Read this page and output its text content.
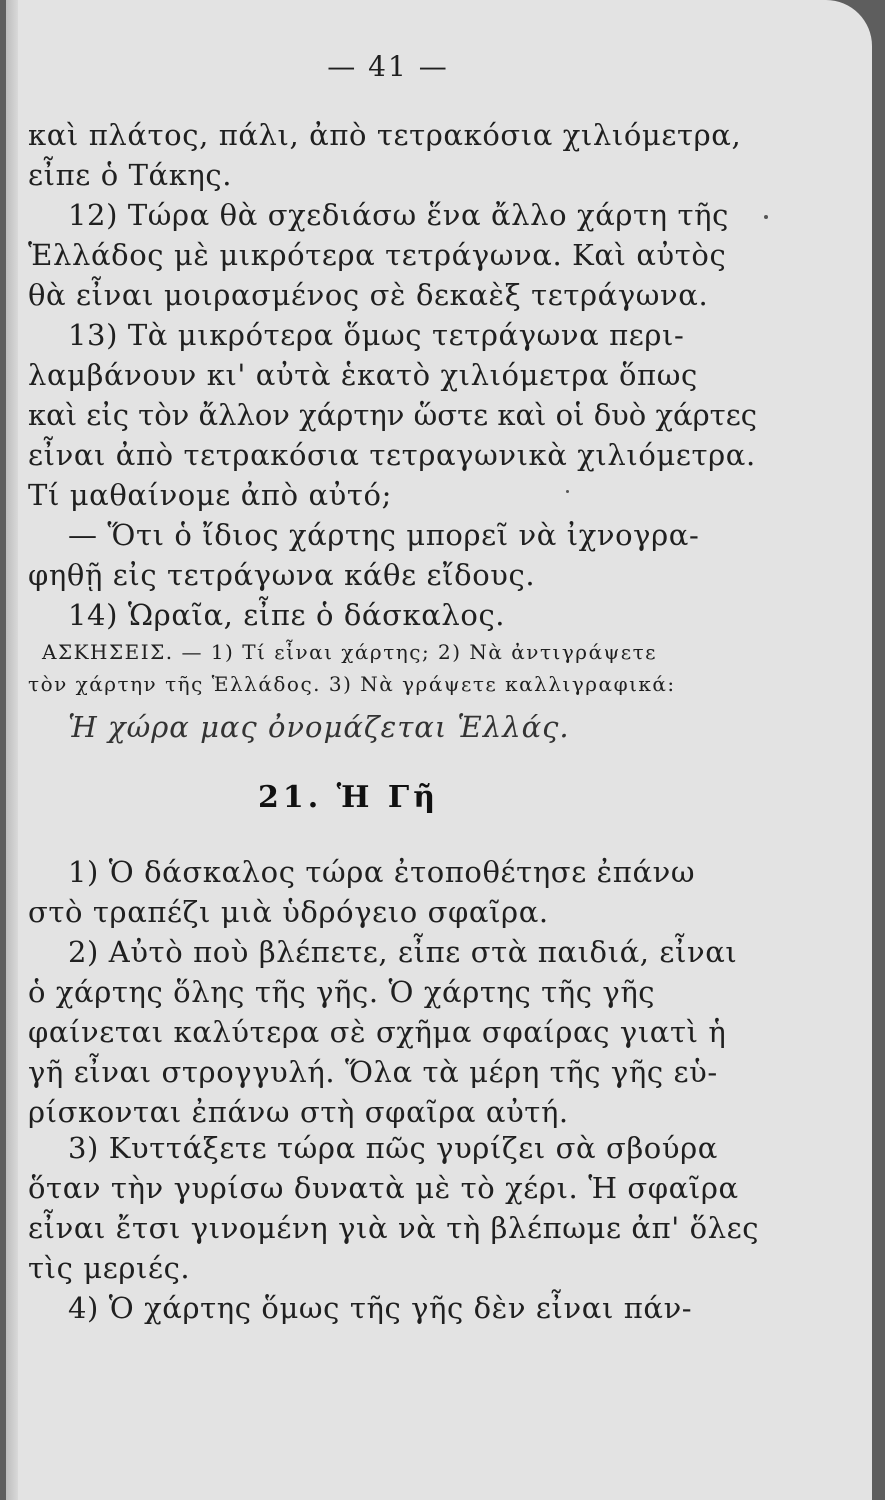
— 41 —
καὶ πλάτος, πάλι, ἀπὸ τετρακόσια χιλιόμετρα,
εἶπε ὁ Τάκης.
12) Τώρα θὰ σχεδιάσω ἕνα ἄλλο χάρτη τῆς
Ἑλλάδος μὲ μικρότερα τετράγωνα. Καὶ αὐτὸς
θὰ εἶναι μοιρασμένος σὲ δεκαὲξ τετράγωνα.
13) Τὰ μικρότερα ὅμως τετράγωνα περι-
λαμβάνουν κι' αὐτὰ ἑκατὸ χιλιόμετρα ὅπως
καὶ εἰς τὸν ἄλλον χάρτην ὥστε καὶ οἱ δυὸ χάρτες
εἶναι ἀπὸ τετρακόσια τετραγωνικὰ χιλιόμετρα.
Τί μαθαίνομε ἀπὸ αὐτό;
— Ὅτι ὁ ἴδιος χάρτης μπορεῖ νὰ ἰχνογρα-
φηθῇ εἰς τετράγωνα κάθε εἴδους.
14) Ὡραῖα, εἶπε ὁ δάσκαλος.
ΑΣΚΗΣΕΙΣ. — 1) Τί εἶναι χάρτης; 2) Νὰ ἀντιγράψετε
τὸν χάρτην τῆς Ἑλλάδος. 3) Νὰ γράψετε καλλιγραφικά:
Ἡ χώρα μας ὀνομάζεται Ἑλλάς.
21. Ἡ Γῆ
1) Ὁ δάσκαλος τώρα ἐτοποθέτησε ἐπάνω
στὸ τραπέζι μιὰ ὑδρόγειο σφαῖρα.
2) Αὐτὸ ποὺ βλέπετε, εἶπε στὰ παιδιά, εἶναι
ὁ χάρτης ὅλης τῆς γῆς. Ὁ χάρτης τῆς γῆς
φαίνεται καλύτερα σὲ σχῆμα σφαίρας γιατὶ ἡ
γῆ εἶναι στρογγυλή. Ὅλα τὰ μέρη τῆς γῆς εὑ-
ρίσκονται ἐπάνω στὴ σφαῖρα αὐτή.
3) Κυττάξετε τώρα πῶς γυρίζει σὰ σβούρα
ὅταν τὴν γυρίσω δυνατὰ μὲ τὸ χέρι. Ἡ σφαῖρα
εἶναι ἔτσι γινομένη γιὰ νὰ τὴ βλέπωμε ἀπ' ὅλες
τὶς μεριές.
4) Ὁ χάρτης ὅμως τῆς γῆς δὲν εἶναι πάν-
